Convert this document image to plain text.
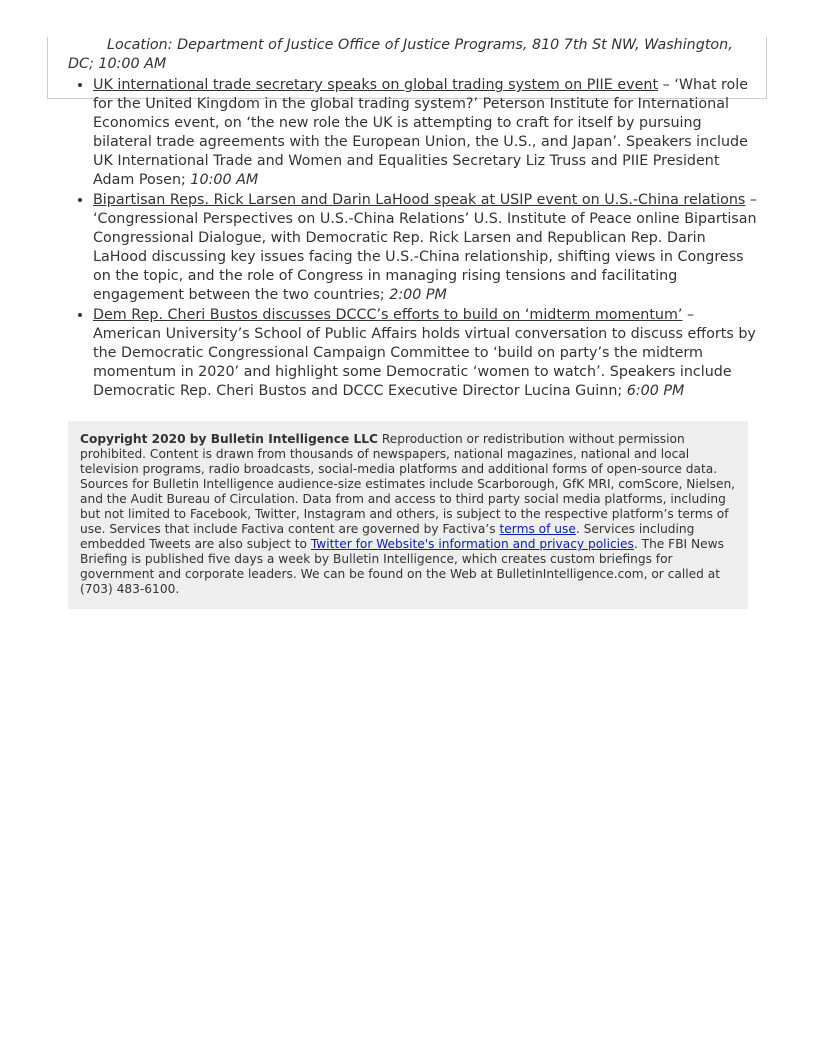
Location: Department of Justice Office of Justice Programs, 810 7th St NW, Washington, DC; 10:00 AM

• UK international trade secretary speaks on global trading system on PIIE event – ‘What role for the United Kingdom in the global trading system?’ Peterson Institute for International Economics event, on ‘the new role the UK is attempting to craft for itself by pursuing bilateral trade agreements with the European Union, the U.S., and Japan’. Speakers include UK International Trade and Women and Equalities Secretary Liz Truss and PIIE President Adam Posen; 10:00 AM
• Bipartisan Reps. Rick Larsen and Darin LaHood speak at USIP event on U.S.-China relations – ‘Congressional Perspectives on U.S.-China Relations’ U.S. Institute of Peace online Bipartisan Congressional Dialogue, with Democratic Rep. Rick Larsen and Republican Rep. Darin LaHood discussing key issues facing the U.S.-China relationship, shifting views in Congress on the topic, and the role of Congress in managing rising tensions and facilitating engagement between the two countries; 2:00 PM
• Dem Rep. Cheri Bustos discusses DCCC’s efforts to build on ‘midterm momentum’ – American University’s School of Public Affairs holds virtual conversation to discuss efforts by the Democratic Congressional Campaign Committee to ‘build on party’s the midterm momentum in 2020’ and highlight some Democratic ‘women to watch’. Speakers include Democratic Rep. Cheri Bustos and DCCC Executive Director Lucina Guinn; 6:00 PM
Copyright 2020 by Bulletin Intelligence LLC Reproduction or redistribution without permission prohibited. Content is drawn from thousands of newspapers, national magazines, national and local television programs, radio broadcasts, social-media platforms and additional forms of open-source data. Sources for Bulletin Intelligence audience-size estimates include Scarborough, GfK MRI, comScore, Nielsen, and the Audit Bureau of Circulation. Data from and access to third party social media platforms, including but not limited to Facebook, Twitter, Instagram and others, is subject to the respective platform’s terms of use. Services that include Factiva content are governed by Factiva’s terms of use. Services including embedded Tweets are also subject to Twitter for Website's information and privacy policies. The FBI News Briefing is published five days a week by Bulletin Intelligence, which creates custom briefings for government and corporate leaders. We can be found on the Web at BulletinIntelligence.com, or called at (703) 483-6100.
